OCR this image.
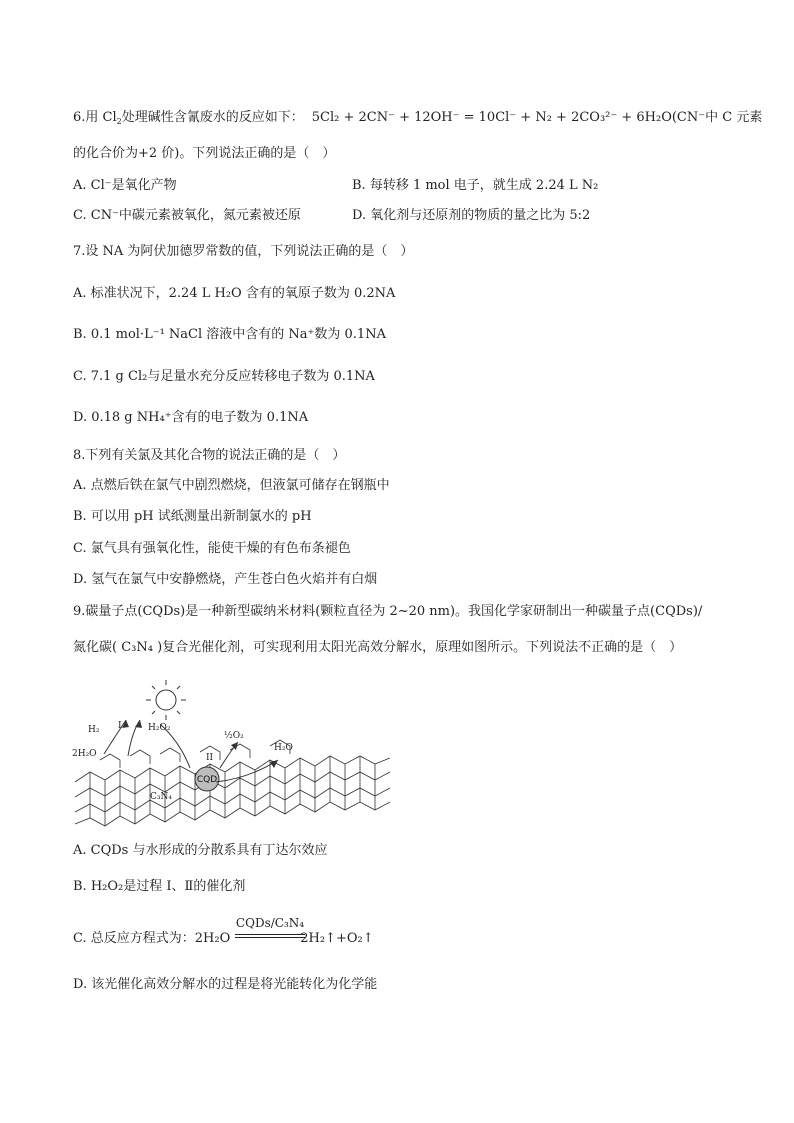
6.用 $Cl_2$处理碱性含氰废水的反应如下： 5Cl₂ + 2CN⁻ + 12OH⁻ = 10Cl⁻ + N₂ + 2CO₃²⁻ + 6H₂O(CN⁻中 C 元素
的化合价为+2 价)。下列说法正确的是（　）
A. Cl⁻是氧化产物	B. 每转移 1 mol 电子，就生成 2.24 L N₂
C. CN⁻中碳元素被氧化，氮元素被还原	D. 氧化剂与还原剂的物质的量之比为 5:2
7.设 NA 为阿伏加德罗常数的值，下列说法正确的是（　）
A. 标准状况下，2.24 L H₂O 含有的氧原子数为 0.2NA
B. 0.1 mol·L⁻¹ NaCl 溶液中含有的 Na⁺数为 0.1NA
C. 7.1 g Cl₂与足量水充分反应转移电子数为 0.1NA
D. 0.18 g NH₄⁺含有的电子数为 0.1NA
8.下列有关氯及其化合物的说法正确的是（　）
A. 点燃后铁在氯气中剧烈燃烧，但液氯可储存在钢瓶中
B. 可以用 pH 试纸测量出新制氯水的 pH
C. 氯气具有强氧化性，能使干燥的有色布条褪色
D. 氢气在氯气中安静燃烧，产生苍白色火焰并有白烟
9.碳量子点(CQDs)是一种新型碳纳米材料(颗粒直径为 2~20 nm)。我国化学家研制出一种碳量子点(CQDs)/
氮化碳( C₃N₄ )复合光催化剂，可实现利用太阳光高效分解水，原理如图所示。下列说法不正确的是（　）
CQD
H₂ I	H₂O₂
½O₂
II
H₂O
2H₂O
C₃N₄
A. CQDs 与水形成的分散系具有丁达尔效应
B. H₂O₂是过程 Ⅰ、Ⅱ的催化剂
C. 总反应方程式为：2H₂O	2H₂↑+O₂↑
CQDs/C₃N₄
D. 该光催化高效分解水的过程是将光能转化为化学能
